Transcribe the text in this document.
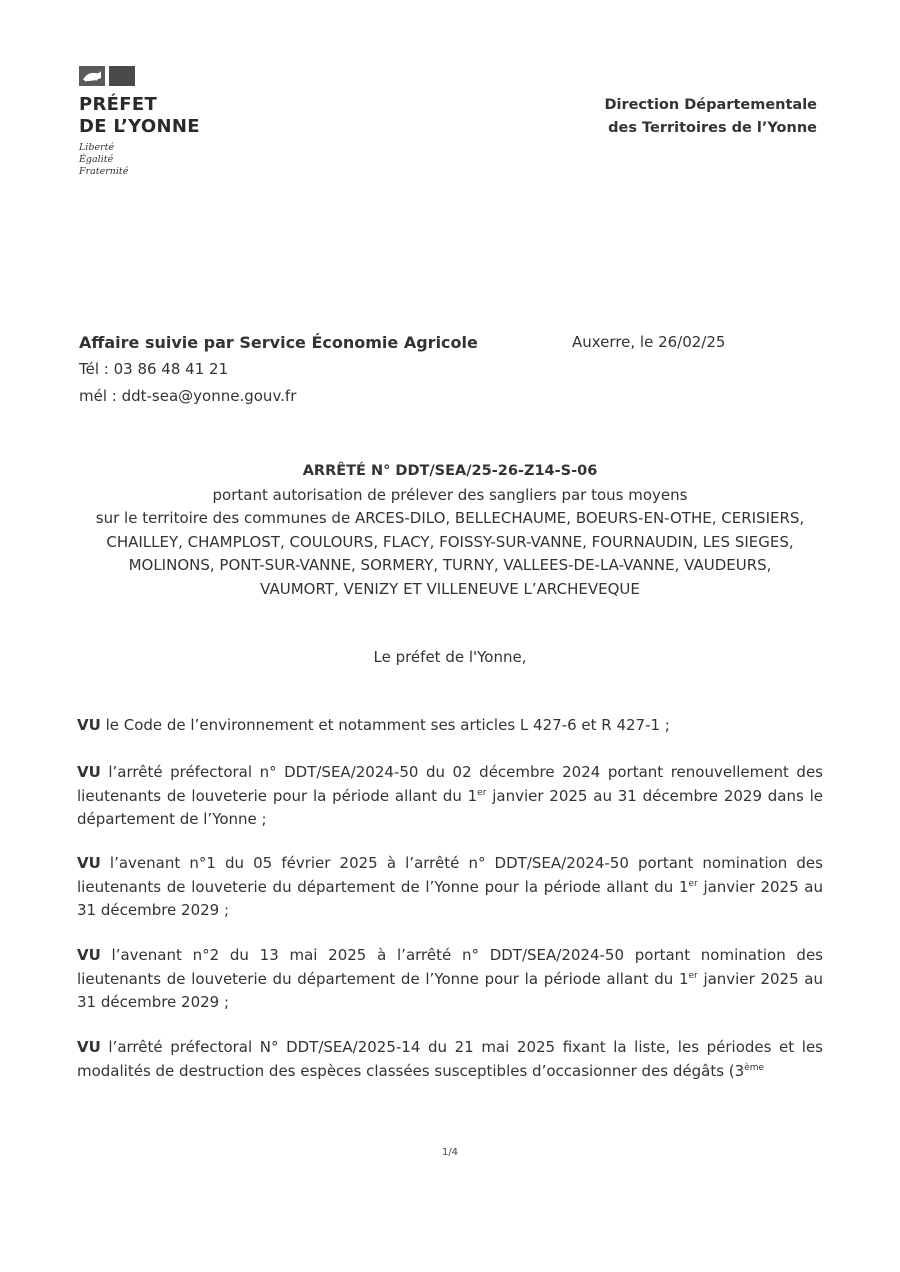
PRÉFET
DE L’YONNE
Liberté
Égalité
Fraternité
Direction Départementale
des Territoires de l’Yonne
Affaire suivie par Service Économie Agricole
Tél : 03 86 48 41 21
mél : ddt-sea@yonne.gouv.fr
Auxerre, le 26/02/25
ARRÊTÉ N° DDT/SEA/25-26-Z14-S-06
portant autorisation de prélever des sangliers par tous moyens
sur le territoire des communes de ARCES-DILO, BELLECHAUME, BOEURS-EN-OTHE, CERISIERS,
CHAILLEY, CHAMPLOST, COULOURS, FLACY, FOISSY-SUR-VANNE, FOURNAUDIN, LES SIEGES,
MOLINONS, PONT-SUR-VANNE, SORMERY, TURNY, VALLEES-DE-LA-VANNE, VAUDEURS,
VAUMORT, VENIZY ET VILLENEUVE L’ARCHEVEQUE
Le préfet de l'Yonne,
VU le Code de l’environnement et notamment ses articles L 427-6 et R 427-1 ;
VU l’arrêté préfectoral n° DDT/SEA/2024-50 du 02 décembre 2024 portant renouvellement des lieutenants de louveterie pour la période allant du 1er janvier 2025 au 31 décembre 2029 dans le département de l’Yonne ;
VU l’avenant n°1 du 05 février 2025 à l’arrêté n° DDT/SEA/2024-50 portant nomination des lieutenants de louveterie du département de l’Yonne pour la période allant du 1er janvier 2025 au 31 décembre 2029 ;
VU l’avenant n°2 du 13 mai 2025 à l’arrêté n° DDT/SEA/2024-50 portant nomination des lieutenants de louveterie du département de l’Yonne pour la période allant du 1er janvier 2025 au 31 décembre 2029 ;
VU l’arrêté préfectoral N° DDT/SEA/2025-14 du 21 mai 2025 fixant la liste, les périodes et les modalités de destruction des espèces classées susceptibles d’occasionner des dégâts (3ème
1/4
